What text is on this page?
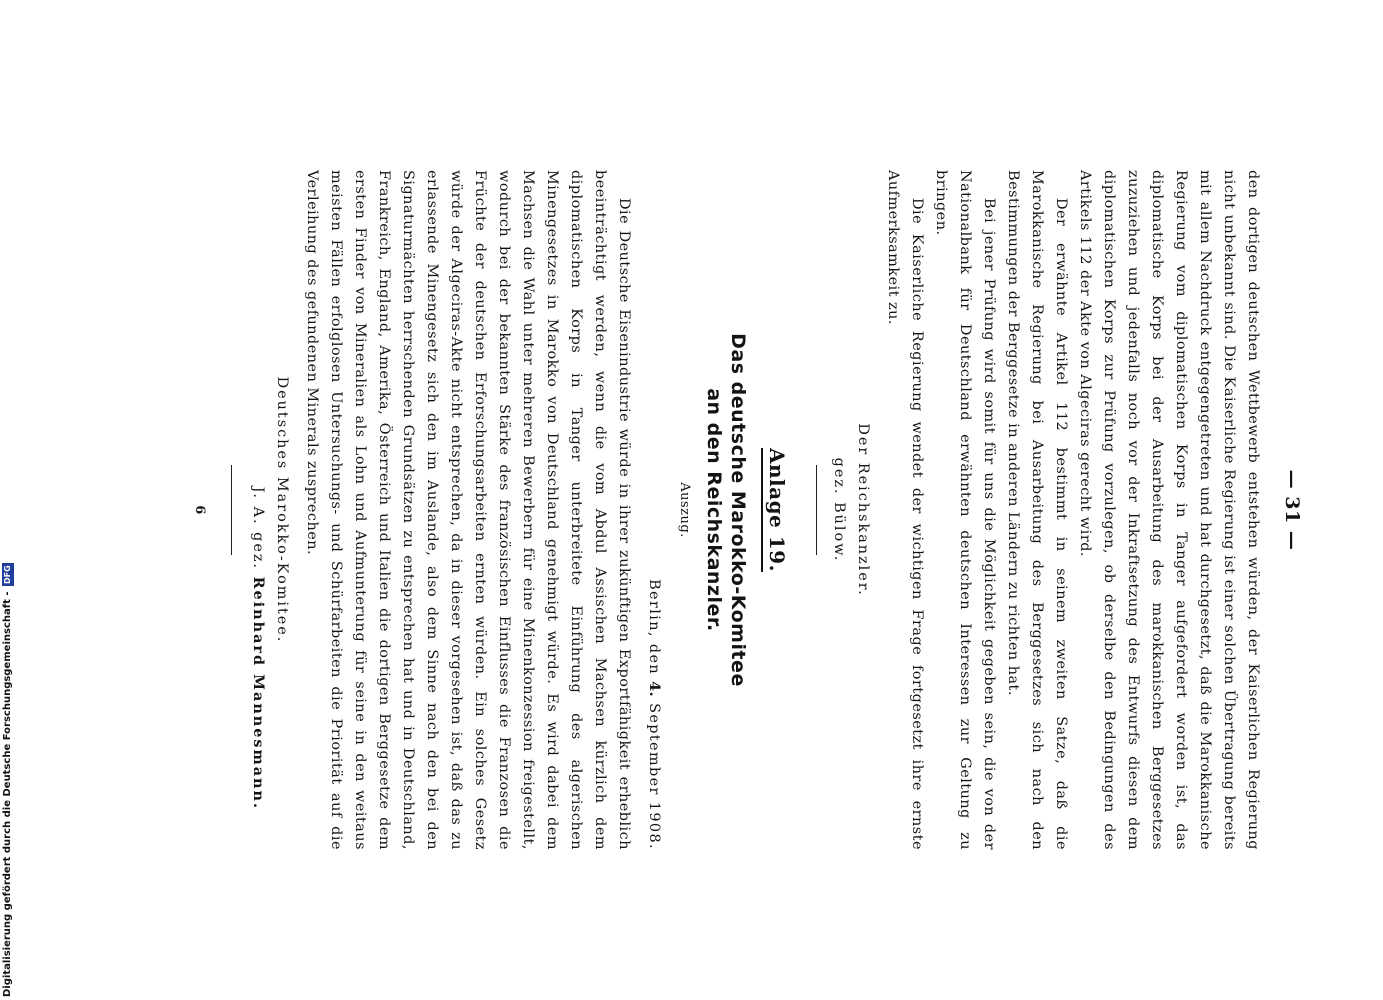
— 31 —

den dortigen deutschen Wettbewerb entstehen würden, der Kaiserlichen Regierung nicht unbekannt sind. Die Kaiserliche Regierung ist einer solchen Übertragung bereits mit allem Nachdruck entgegengetreten und hat durchgesetzt, daß die Marokkanische Regierung vom diplomatischen Korps in Tanger aufgefordert worden ist, das diplomatische Korps bei der Ausarbeitung des marokkanischen Berggesetzes zuzuziehen und jedenfalls noch vor der Inkraftsetzung des Entwurfs diesen dem diplomatischen Korps zur Prüfung vorzulegen, ob derselbe den Bedingungen des Artikels 112 der Akte von Algeciras gerecht wird.

Der erwähnte Artikel 112 bestimmt in seinem zweiten Satze, daß die Marokkanische Regierung bei Ausarbeitung des Berggesetzes sich nach den Bestimmungen der Berggesetze in anderen Ländern zu richten hat.

Bei jener Prüfung wird somit für uns die Möglichkeit gegeben sein, die von der Nationalbank für Deutschland erwähnten deutschen Interessen zur Geltung zu bringen.

Die Kaiserliche Regierung wendet der wichtigen Frage fortgesetzt ihre ernste Aufmerksamkeit zu.

Der Reichskanzler.

gez. Bülow.

Anlage 19.

Das deutsche Marokko-Komitee

an den Reichskanzler.

Auszug.

Berlin, den 4. September 1908.

Die Deutsche Eisenindustrie würde in ihrer zukünftigen Exportfähigkeit erheblich beeinträchtigt werden, wenn die vom Abdul Assischen Machsen kürzlich dem diplomatischen Korps in Tanger unterbreitete Einführung des algerischen Minengesetzes in Marokko von Deutschland genehmigt würde. Es wird dabei dem Machsen die Wahl unter mehreren Bewerbern für eine Minenkonzession freigestellt, wodurch bei der bekannten Stärke des französischen Einflusses die Franzosen die Früchte der deutschen Erforschungsarbeiten ernten würden. Ein solches Gesetz würde der Algeciras-Akte nicht entsprechen, da in dieser vorgesehen ist, daß das zu erlassende Minengesetz sich den im Auslande, also dem Sinne nach den bei den Signaturmächten herrschenden Grundsätzen zu entsprechen hat und in Deutschland, Frankreich, England, Amerika, Österreich und Italien die dortigen Berggesetze dem ersten Finder von Mineralien als Lohn und Aufmunterung für seine in den weitaus meisten Fällen erfolglosen Untersuchungs- und Schürfarbeiten die Priorität auf die Verleihung des gefundenen Minerals zusprechen.

Deutsches Marokko-Komitee.

J. A. gez. Reinhard Mannesmann.

6
Digitalisierung gefördert durch die Deutsche Forschungsgemeinschaft - DFG
